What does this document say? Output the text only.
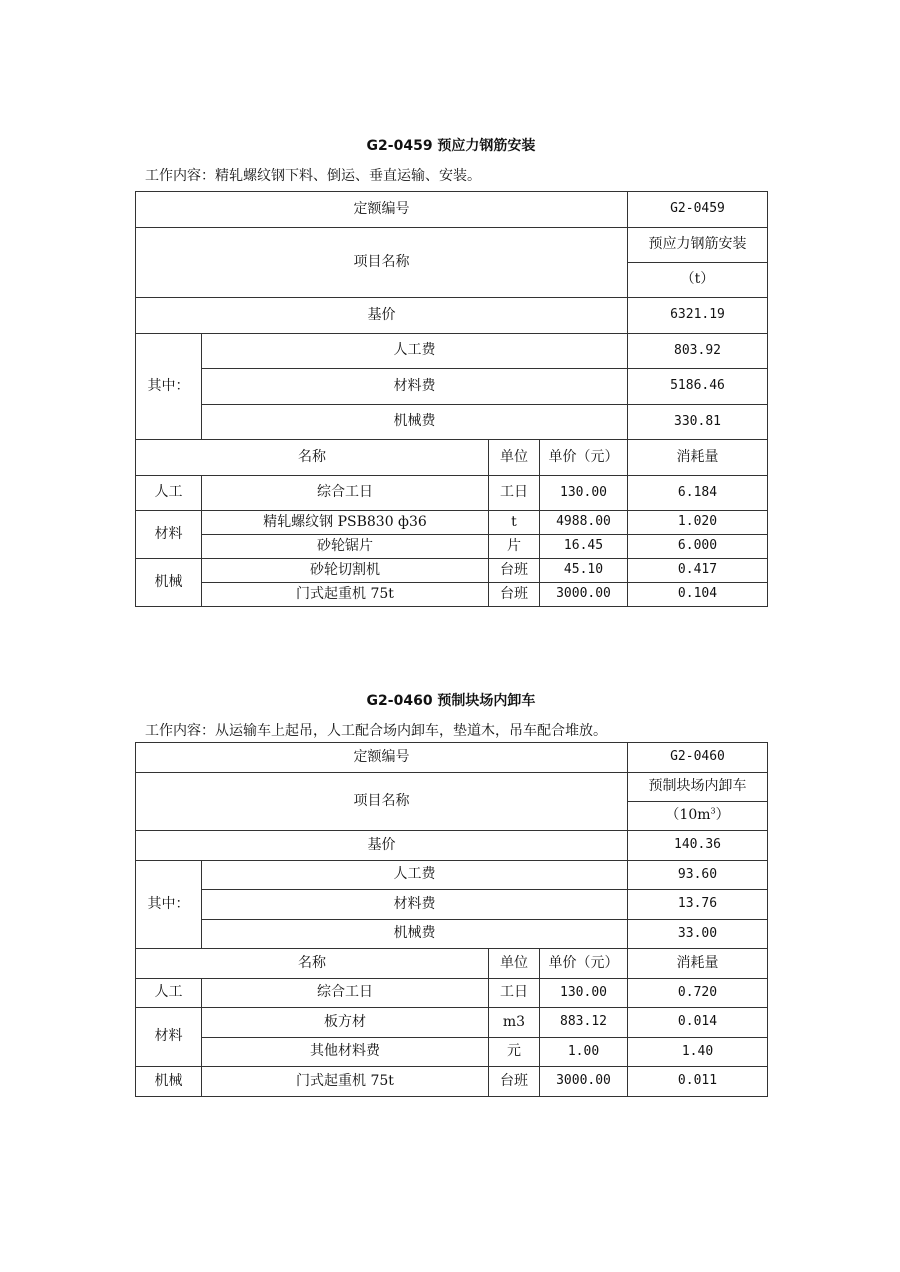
G2-0459 预应力钢筋安装
工作内容：精轧螺纹钢下料、倒运、垂直运输、安装。
定额编号				G2-0459
项目名称				预应力钢筋安装
				（t）
基价				6321.19
其中：	人工费			803.92
	材料费			5186.46
	机械费			330.81
名称		单位	单价（元）	消耗量
人工	综合工日	工日	130.00	6.184
材料	精轧螺纹钢 PSB830 ф36	t	4988.00	1.020
	砂轮锯片	片	16.45	6.000
机械	砂轮切割机	台班	45.10	0.417
	门式起重机 75t	台班	3000.00	0.104
G2-0460 预制块场内卸车
工作内容：从运输车上起吊，人工配合场内卸车，垫道木，吊车配合堆放。
定额编号				G2-0460
项目名称				预制块场内卸车
				$(10m^3)$
基价				140.36
其中：	人工费			93.60
	材料费			13.76
	机械费			33.00
名称		单位	单价（元）	消耗量
人工	综合工日	工日	130.00	0.720
材料	板方材	m3	883.12	0.014
	其他材料费	元	1.00	1.40
机械	门式起重机 75t	台班	3000.00	0.011
